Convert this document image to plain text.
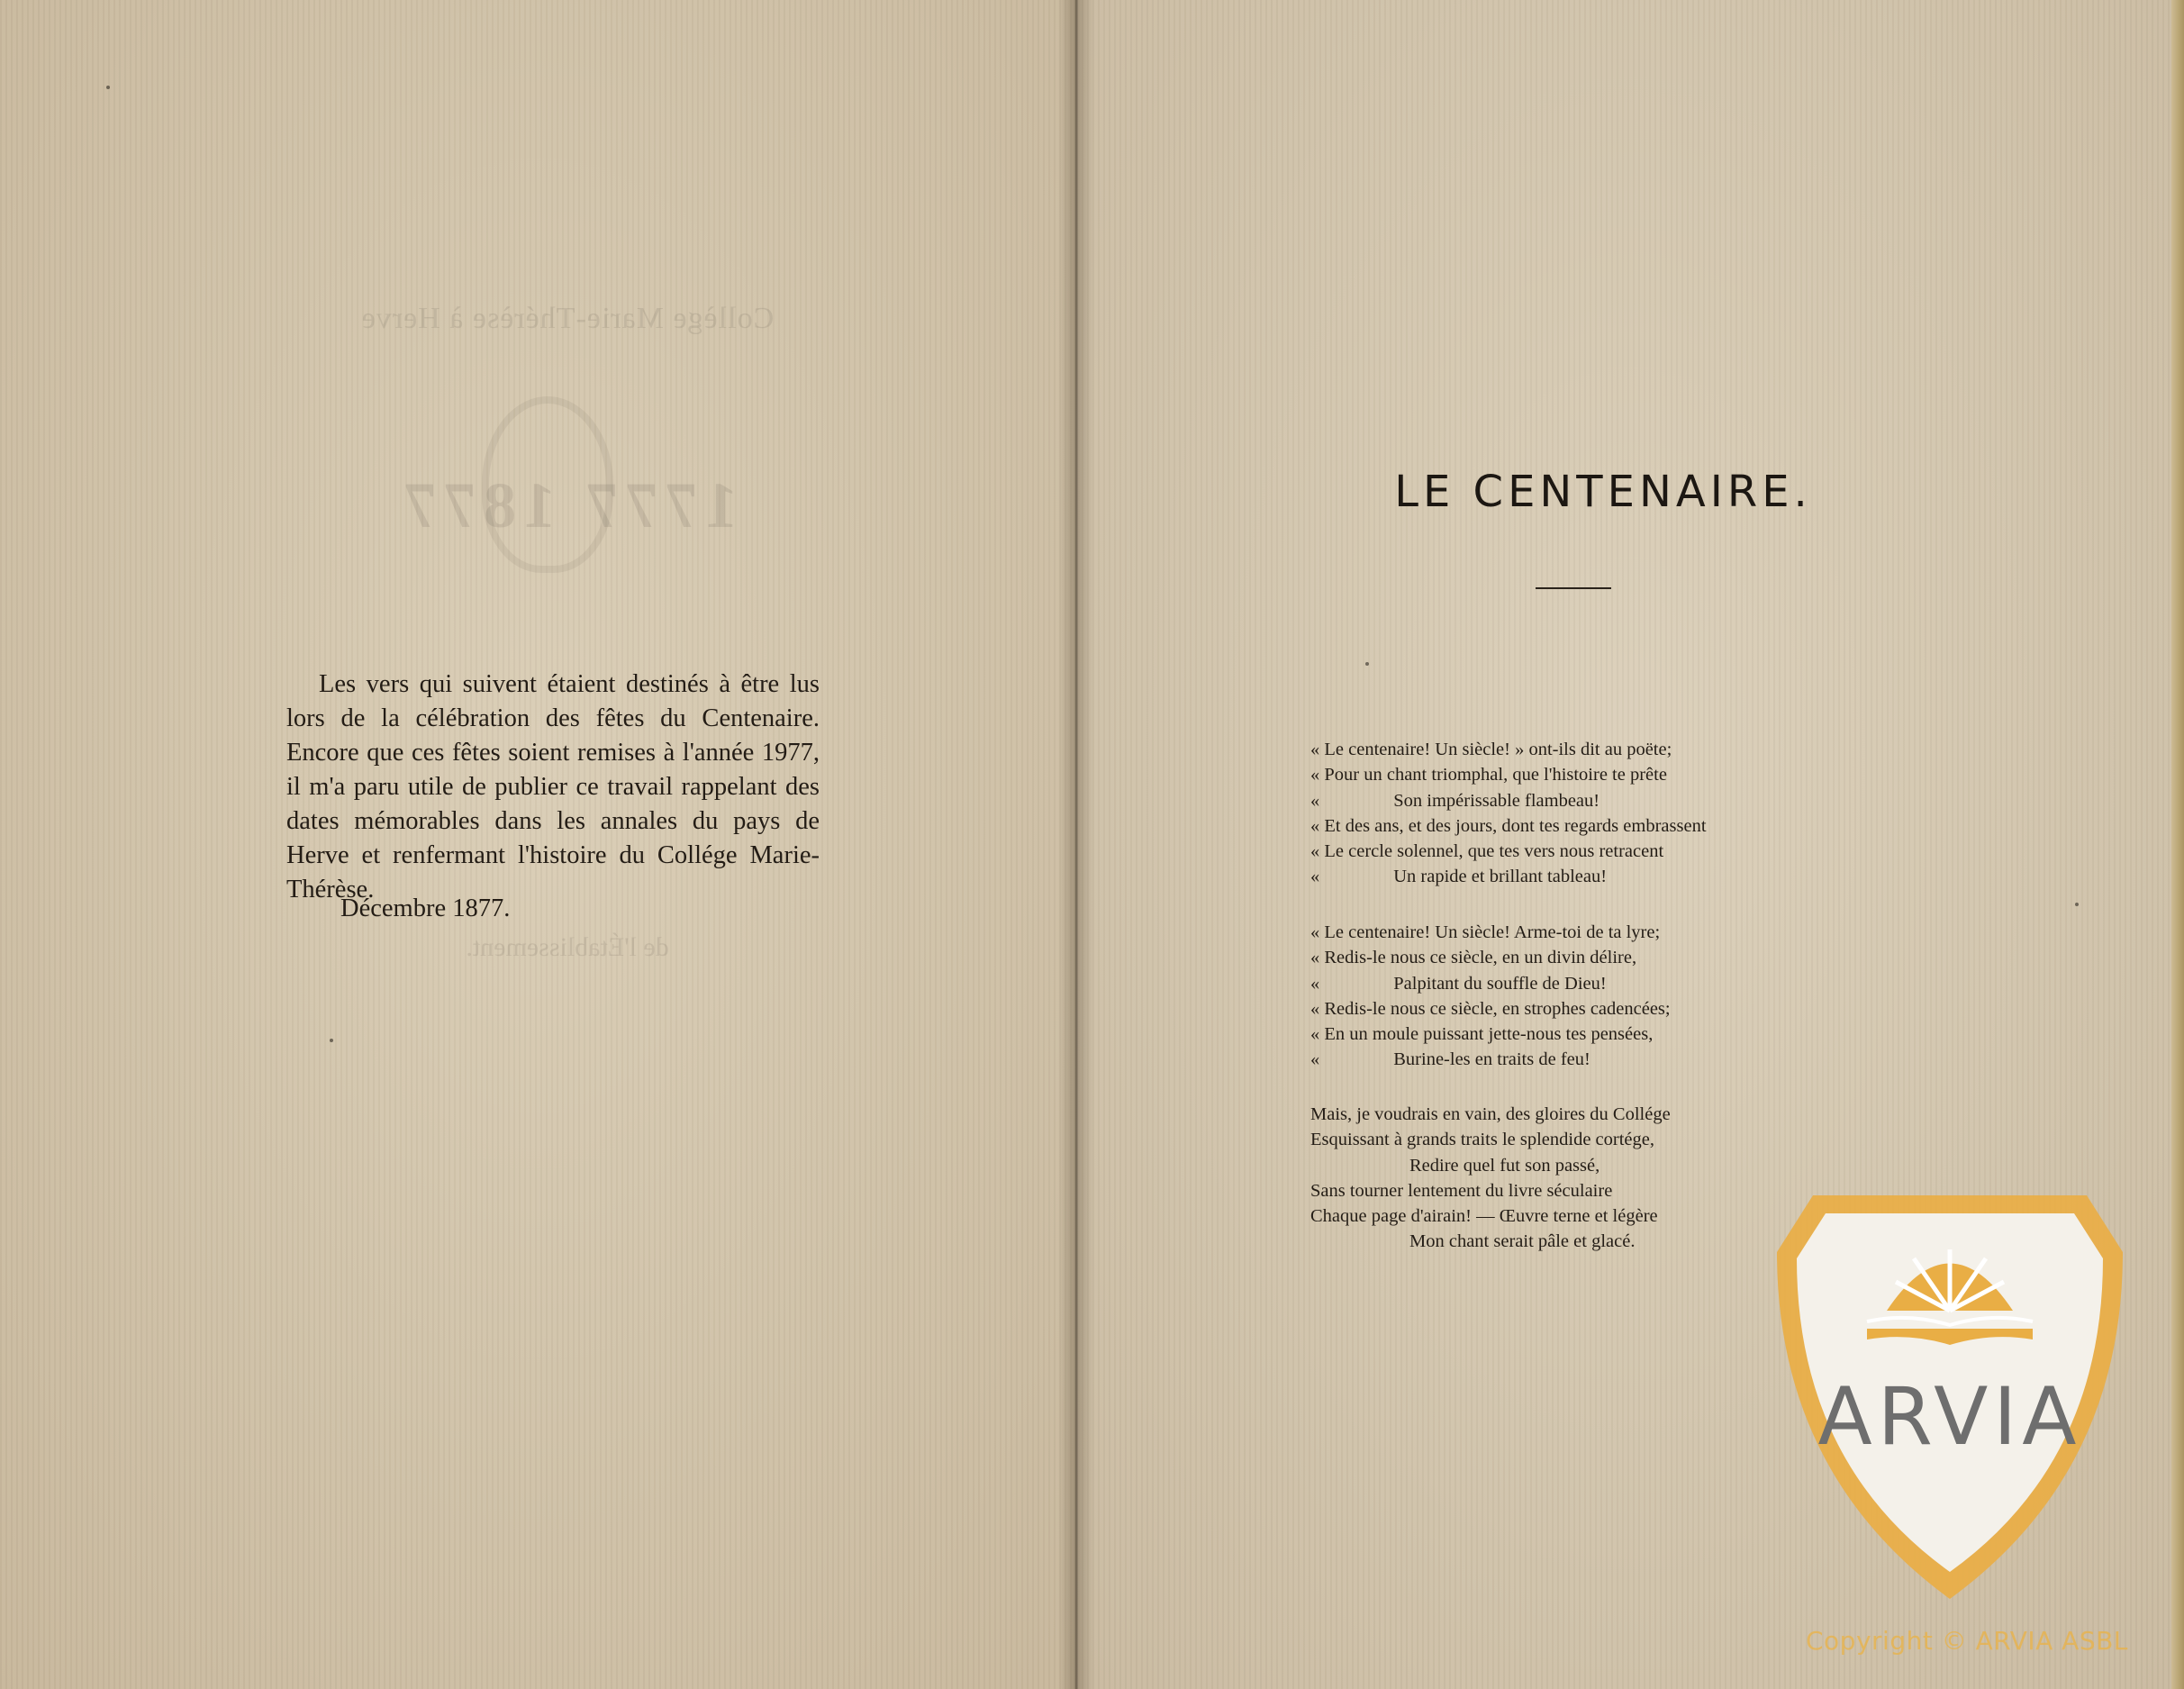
Collège Marie-Thérèse à Herve
1777 1877
de l'Établissement.

Les vers qui suivent étaient destinés à être lus lors de la célébration des fêtes du Centenaire. Encore que ces fêtes soient remises à l'année 1977, il m'a paru utile de publier ce travail rappelant des dates mémorables dans les annales du pays de Herve et renfermant l'histoire du Collége Marie-Thérèse.

Décembre 1877.
LE CENTENAIRE.
« Le centenaire! Un siècle! » ont-ils dit au poëte;
« Pour un chant triomphal, que l'histoire te prête
«                Son impérissable flambeau!
« Et des ans, et des jours, dont tes regards embrassent
« Le cercle solennel, que tes vers nous retracent
«                Un rapide et brillant tableau!
« Le centenaire! Un siècle! Arme-toi de ta lyre;
« Redis-le nous ce siècle, en un divin délire,
«                Palpitant du souffle de Dieu!
« Redis-le nous ce siècle, en strophes cadencées;
« En un moule puissant jette-nous tes pensées,
«                Burine-les en traits de feu!
Mais, je voudrais en vain, des gloires du Collége
Esquissant à grands traits le splendide cortége,
Redire quel fut son passé,
Sans tourner lentement du livre séculaire
Chaque page d'airain! — Œuvre terne et légère
Mon chant serait pâle et glacé.
ARVIA
Copyright © ARVIA ASBL
